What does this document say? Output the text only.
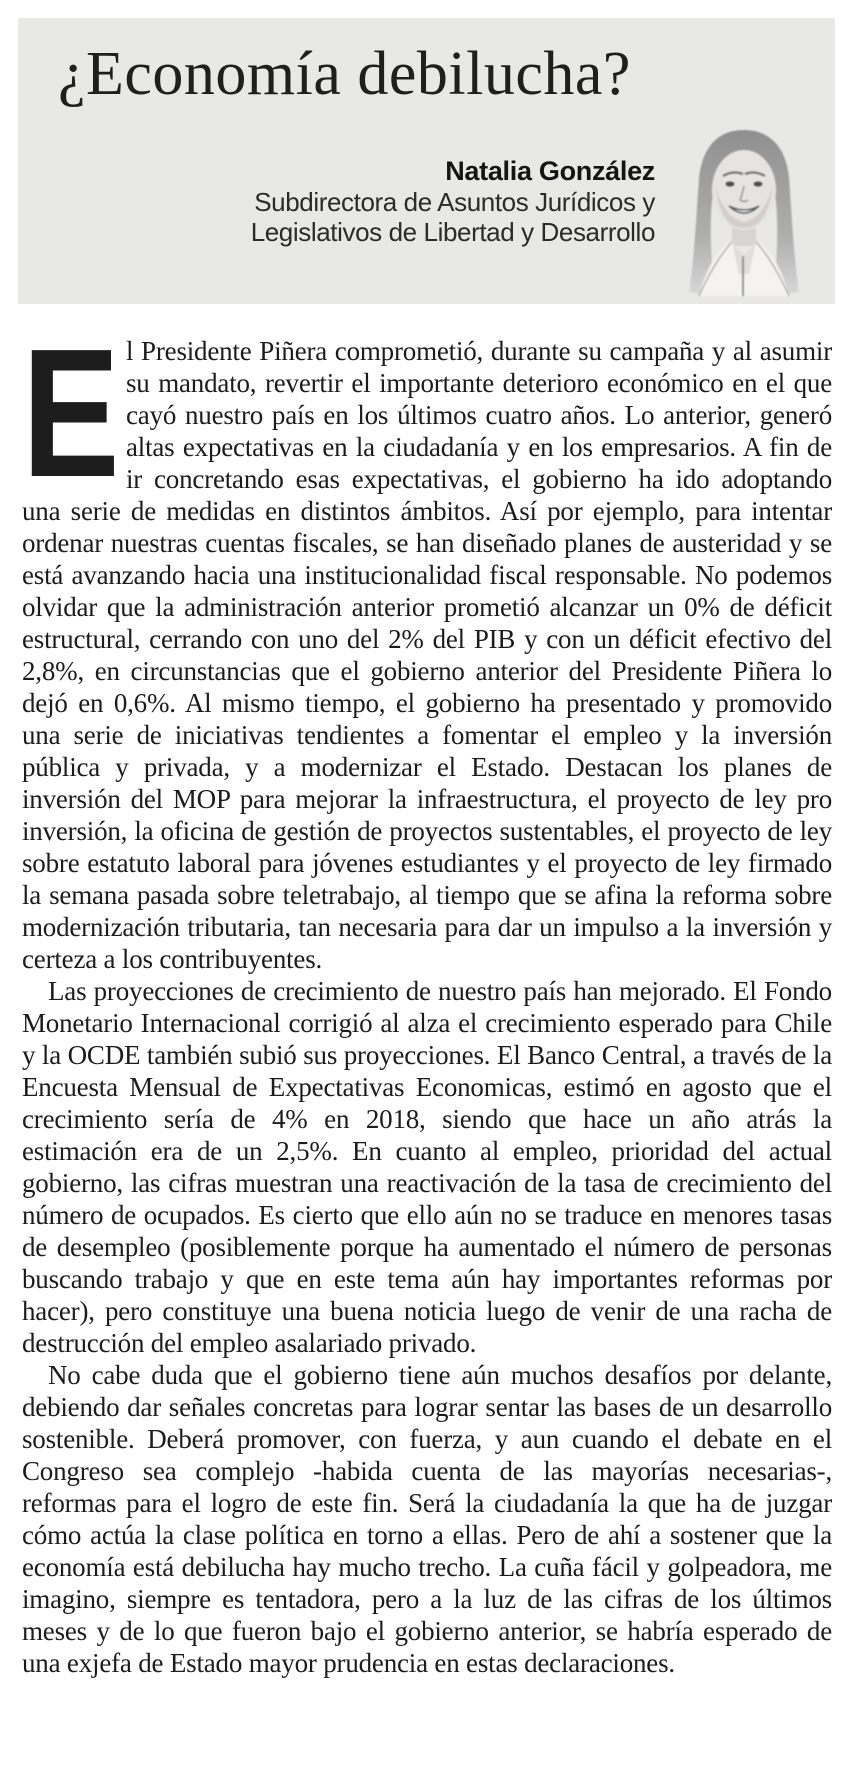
¿Economía debilucha?
Natalia González
Subdirectora de Asuntos Jurídicos y
Legislativos de Libertad y Desarrollo

El Presidente Piñera comprometió, durante su campaña y al asumir su mandato, revertir el importante deterioro económico en el que cayó nuestro país en los últimos cuatro años. Lo anterior, generó altas expectativas en la ciudadanía y en los empresarios. A fin de ir concretando esas expectativas, el gobierno ha ido adoptando una serie de medidas en distintos ámbitos. Así por ejemplo, para intentar ordenar nuestras cuentas fiscales, se han diseñado planes de austeridad y se está avanzando hacia una institucionalidad fiscal responsable. No podemos olvidar que la administración anterior prometió alcanzar un 0% de déficit estructural, cerrando con uno del 2% del PIB y con un déficit efectivo del 2,8%, en circunstancias que el gobierno anterior del Presidente Piñera lo dejó en 0,6%. Al mismo tiempo, el gobierno ha presentado y promovido una serie de iniciativas tendientes a fomentar el empleo y la inversión pública y privada, y a modernizar el Estado. Destacan los planes de inversión del MOP para mejorar la infraestructura, el proyecto de ley pro inversión, la oficina de gestión de proyectos sustentables, el proyecto de ley sobre estatuto laboral para jóvenes estudiantes y el proyecto de ley firmado la semana pasada sobre teletrabajo, al tiempo que se afina la reforma sobre modernización tributaria, tan necesaria para dar un impulso a la inversión y certeza a los contribuyentes.

Las proyecciones de crecimiento de nuestro país han mejorado. El Fondo Monetario Internacional corrigió al alza el crecimiento esperado para Chile y la OCDE también subió sus proyecciones. El Banco Central, a través de la Encuesta Mensual de Expectativas Economicas, estimó en agosto que el crecimiento sería de 4% en 2018, siendo que hace un año atrás la estimación era de un 2,5%. En cuanto al empleo, prioridad del actual gobierno, las cifras muestran una reactivación de la tasa de crecimiento del número de ocupados. Es cierto que ello aún no se traduce en menores tasas de desempleo (posiblemente porque ha aumentado el número de personas buscando trabajo y que en este tema aún hay importantes reformas por hacer), pero constituye una buena noticia luego de venir de una racha de destrucción del empleo asalariado privado.

No cabe duda que el gobierno tiene aún muchos desafíos por delante, debiendo dar señales concretas para lograr sentar las bases de un desarrollo sostenible. Deberá promover, con fuerza, y aun cuando el debate en el Congreso sea complejo -habida cuenta de las mayorías necesarias-, reformas para el logro de este fin. Será la ciudadanía la que ha de juzgar cómo actúa la clase política en torno a ellas. Pero de ahí a sostener que la economía está debilucha hay mucho trecho. La cuña fácil y golpeadora, me imagino, siempre es tentadora, pero a la luz de las cifras de los últimos meses y de lo que fueron bajo el gobierno anterior, se habría esperado de una exjefa de Estado mayor prudencia en estas declaraciones.
